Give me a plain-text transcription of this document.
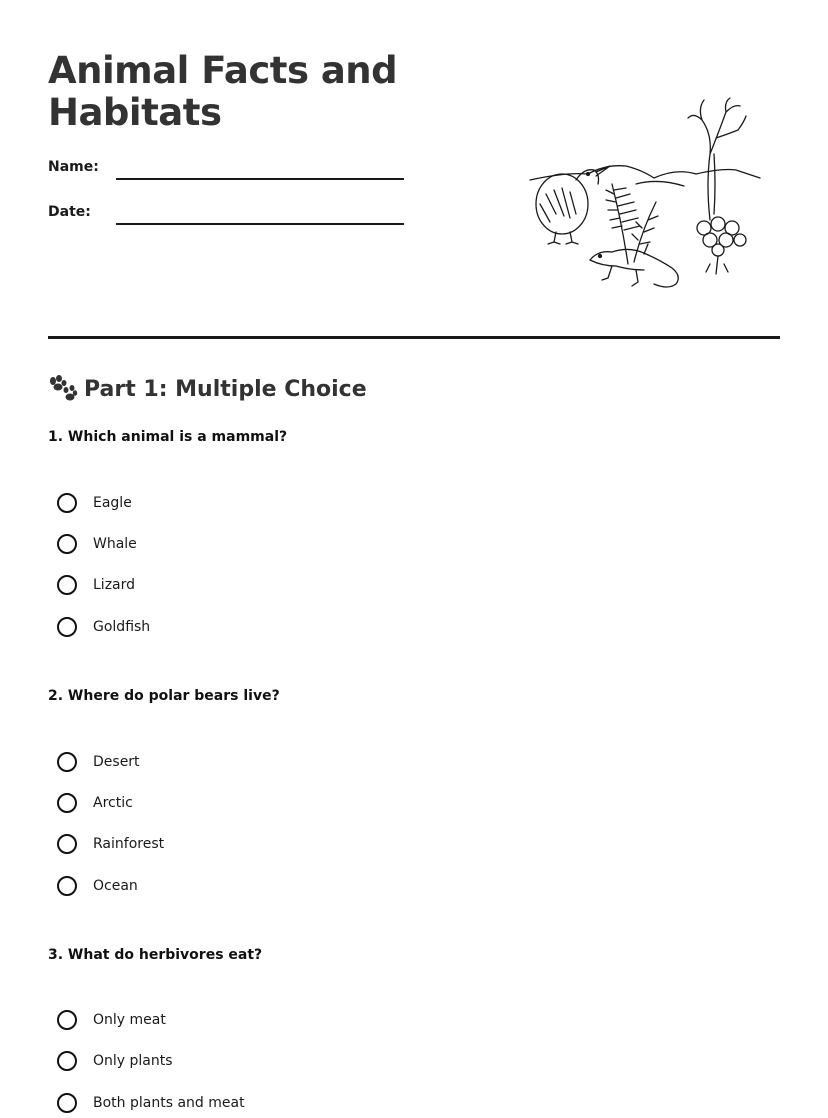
Animal Facts and Habitats
Name:
Date:
Part 1: Multiple Choice

1. Which animal is a mammal?

Eagle
Whale
Lizard
Goldfish

2. Where do polar bears live?

Desert
Arctic
Rainforest
Ocean

3. What do herbivores eat?

Only meat
Only plants
Both plants and meat
